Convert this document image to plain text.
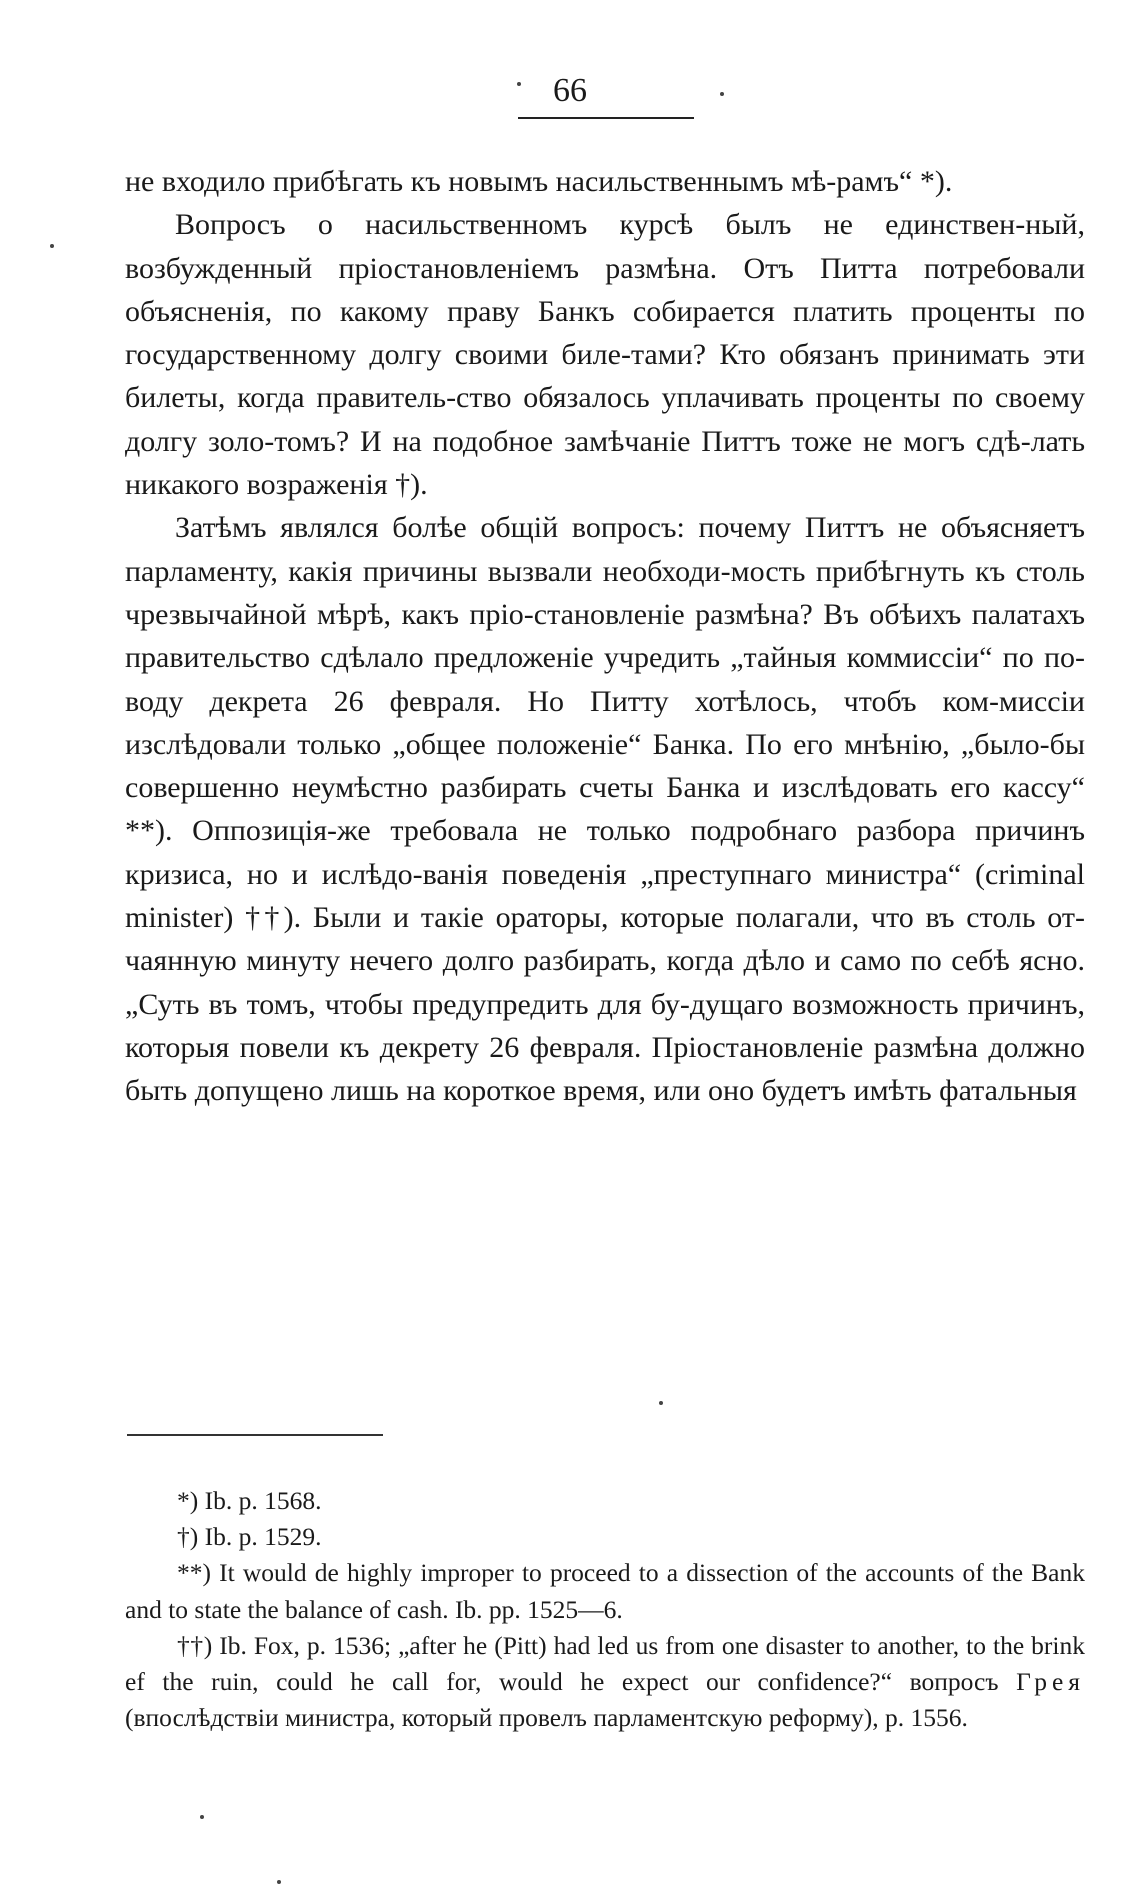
66

не входило прибѣгать къ новымъ насильственнымъ мѣ-рамъ“ *).

Вопросъ о насильственномъ курсѣ былъ не единствен-ный, возбужденный пріостановленіемъ размѣна. Отъ Питта потребовали объясненія, по какому праву Банкъ собирается платить проценты по государственному долгу своими биле-тами? Кто обязанъ принимать эти билеты, когда правитель-ство обязалось уплачивать проценты по своему долгу золо-томъ? И на подобное замѣчаніе Питтъ тоже не могъ сдѣ-лать никакого возраженія †).

Затѣмъ являлся болѣе общій вопросъ: почему Питтъ не объясняетъ парламенту, какія причины вызвали необходи-мость прибѣгнуть къ столь чрезвычайной мѣрѣ, какъ пріо-становленіе размѣна? Въ обѣихъ палатахъ правительство сдѣлало предложеніе учредить „тайныя коммиссіи“ по по-воду декрета 26 февраля. Но Питту хотѣлось, чтобъ ком-миссіи изслѣдовали только „общее положеніе“ Банка. По его мнѣнію, „было-бы совершенно неумѣстно разбирать счеты Банка и изслѣдовать его кассу“ **). Оппозиція-же требовала не только подробнаго разбора причинъ кризиса, но и иcлѣдо-ванія поведенія „преступнаго министра“ (criminal minister) ††). Были и такіе ораторы, которые полагали, что въ столь от-чаянную минуту нечего долго разбирать, когда дѣло и само по себѣ ясно. „Суть въ томъ, чтобы предупредить для бу-дущаго возможность причинъ, которыя повели къ декрету 26 февраля. Пріостановленіе размѣна должно быть допущено лишь на короткое время, или оно будетъ имѣть фатальныя

*) Ib. p. 1568.

†) Ib. p. 1529.

**) It would de highly improper to proceed to a dissection of the accounts of the Bank and to state the balance of cash. Ib. pp. 1525—6.

††) Ib. Fox, p. 1536; „after he (Pitt) had led us from one disaster to another, to the brink ef the ruin, could he call for, would he expect our confidence?“ вопросъ Грея (впослѣдствіи министра, который провелъ парламентскую реформу), p. 1556.
